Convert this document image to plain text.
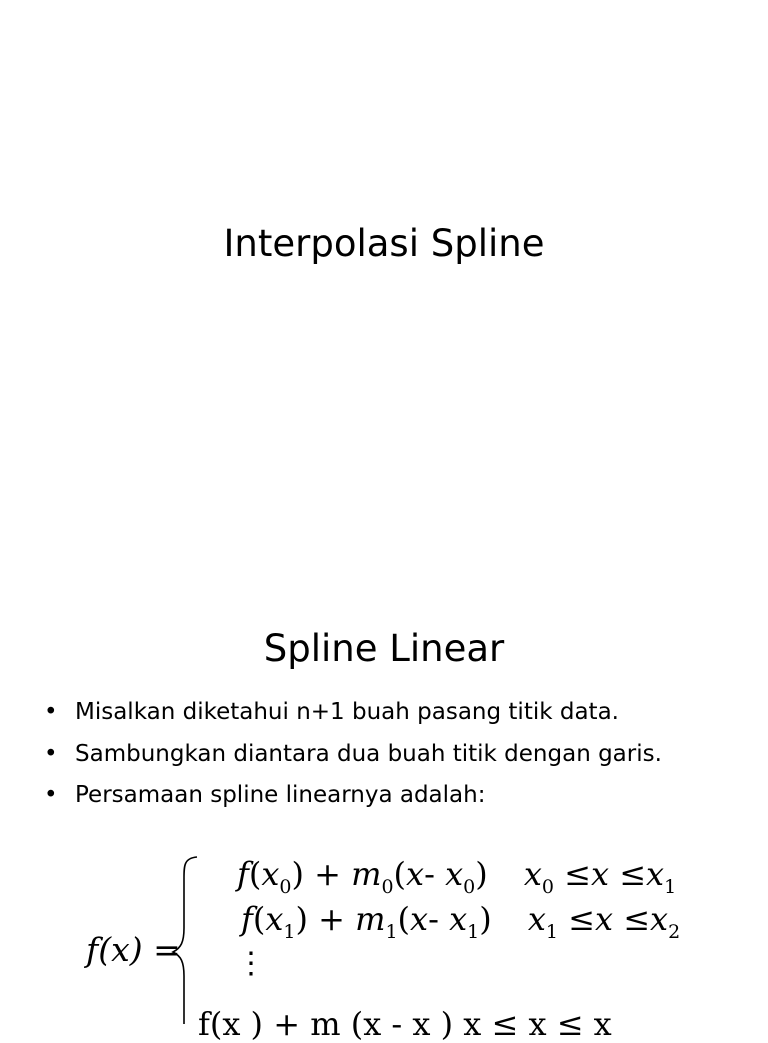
Interpolasi Spline
Spline Linear
• Misalkan diketahui n+1 buah pasang titik data.
• Sambungkan diantara dua buah titik dengan garis.
• Persamaan spline linearnya adalah:
f(x) =
$f(x_0) + m_0(x-$ $x_0$) $x_0 \le x \le x_1$
$f(x_1) + m_1(x-$ $x_1$) $x_1 \le x \le x_2$
⋮
f(x ) + m (x - x ) x ≤ x ≤ x
